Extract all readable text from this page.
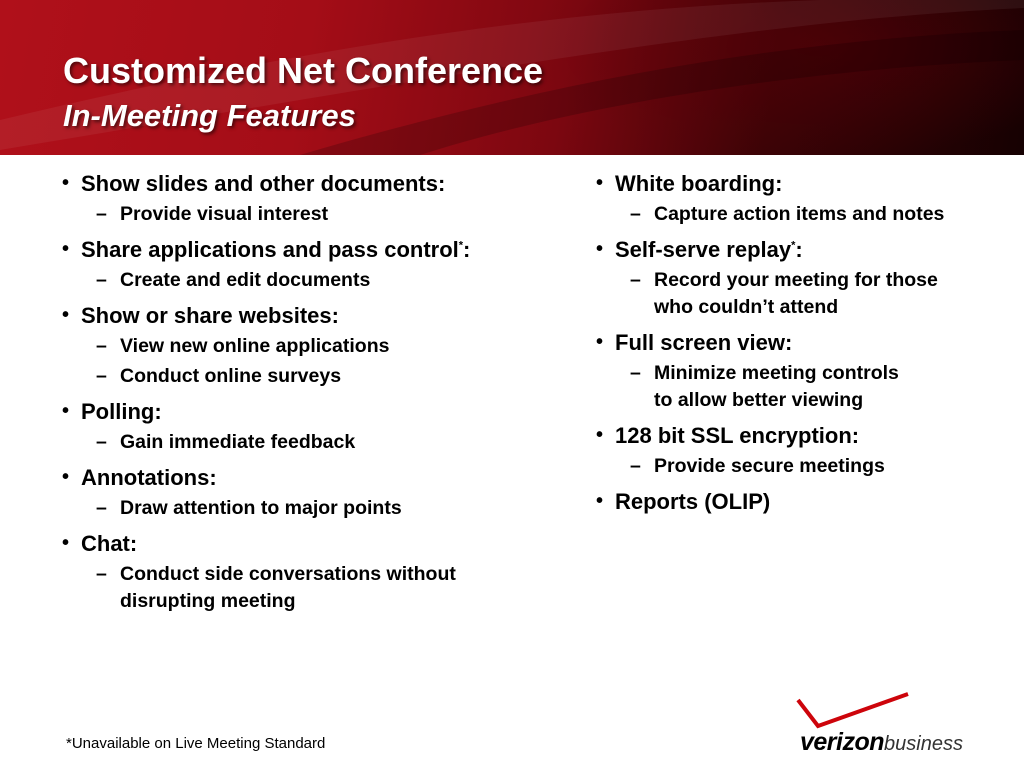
Customized Net Conference
In-Meeting Features
• Show slides and other documents:
– Provide visual interest
• Share applications and pass control*:
– Create and edit documents
• Show or share websites:
– View new online applications
– Conduct online surveys
• Polling:
– Gain immediate feedback
• Annotations:
– Draw attention to major points
• Chat:
– Conduct side conversations without
disrupting meeting
• White boarding:
– Capture action items and notes
• Self-serve replay*:
– Record your meeting for those
who couldn’t attend
• Full screen view:
– Minimize meeting controls
to allow better viewing
• 128 bit SSL encryption:
– Provide secure meetings
• Reports (OLIP)
*Unavailable on Live Meeting Standard	verizonbusiness
